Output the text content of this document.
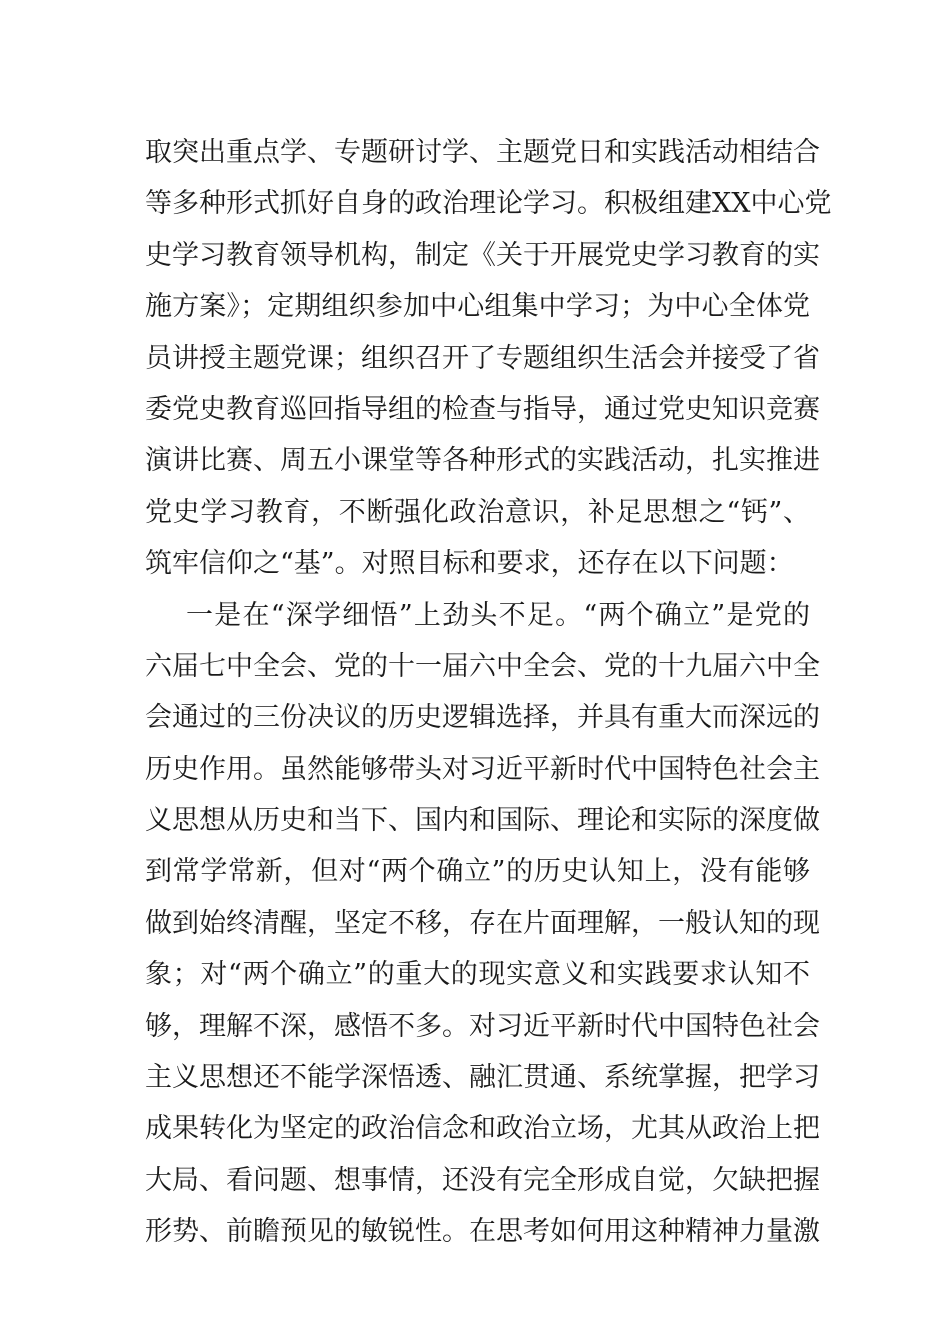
取突出重点学、专题研讨学、主题党日和实践活动相结合
等多种形式抓好自身的政治理论学习。积极组建XX中心党
史学习教育领导机构，制定《关于开展党史学习教育的实
施方案》；定期组织参加中心组集中学习；为中心全体党
员讲授主题党课；组织召开了专题组织生活会并接受了省
委党史教育巡回指导组的检查与指导，通过党史知识竞赛
演讲比赛、周五小课堂等各种形式的实践活动，扎实推进
党史学习教育，不断强化政治意识，补足思想之“钙”、
筑牢信仰之“基”。对照目标和要求，还存在以下问题：
一是在“深学细悟”上劲头不足。“两个确立”是党的
六届七中全会、党的十一届六中全会、党的十九届六中全
会通过的三份决议的历史逻辑选择，并具有重大而深远的
历史作用。虽然能够带头对习近平新时代中国特色社会主
义思想从历史和当下、国内和国际、理论和实际的深度做
到常学常新，但对“两个确立”的历史认知上，没有能够
做到始终清醒，坚定不移，存在片面理解，一般认知的现
象；对“两个确立”的重大的现实意义和实践要求认知不
够，理解不深，感悟不多。对习近平新时代中国特色社会
主义思想还不能学深悟透、融汇贯通、系统掌握，把学习
成果转化为坚定的政治信念和政治立场，尤其从政治上把
大局、看问题、想事情，还没有完全形成自觉，欠缺把握
形势、前瞻预见的敏锐性。在思考如何用这种精神力量激
